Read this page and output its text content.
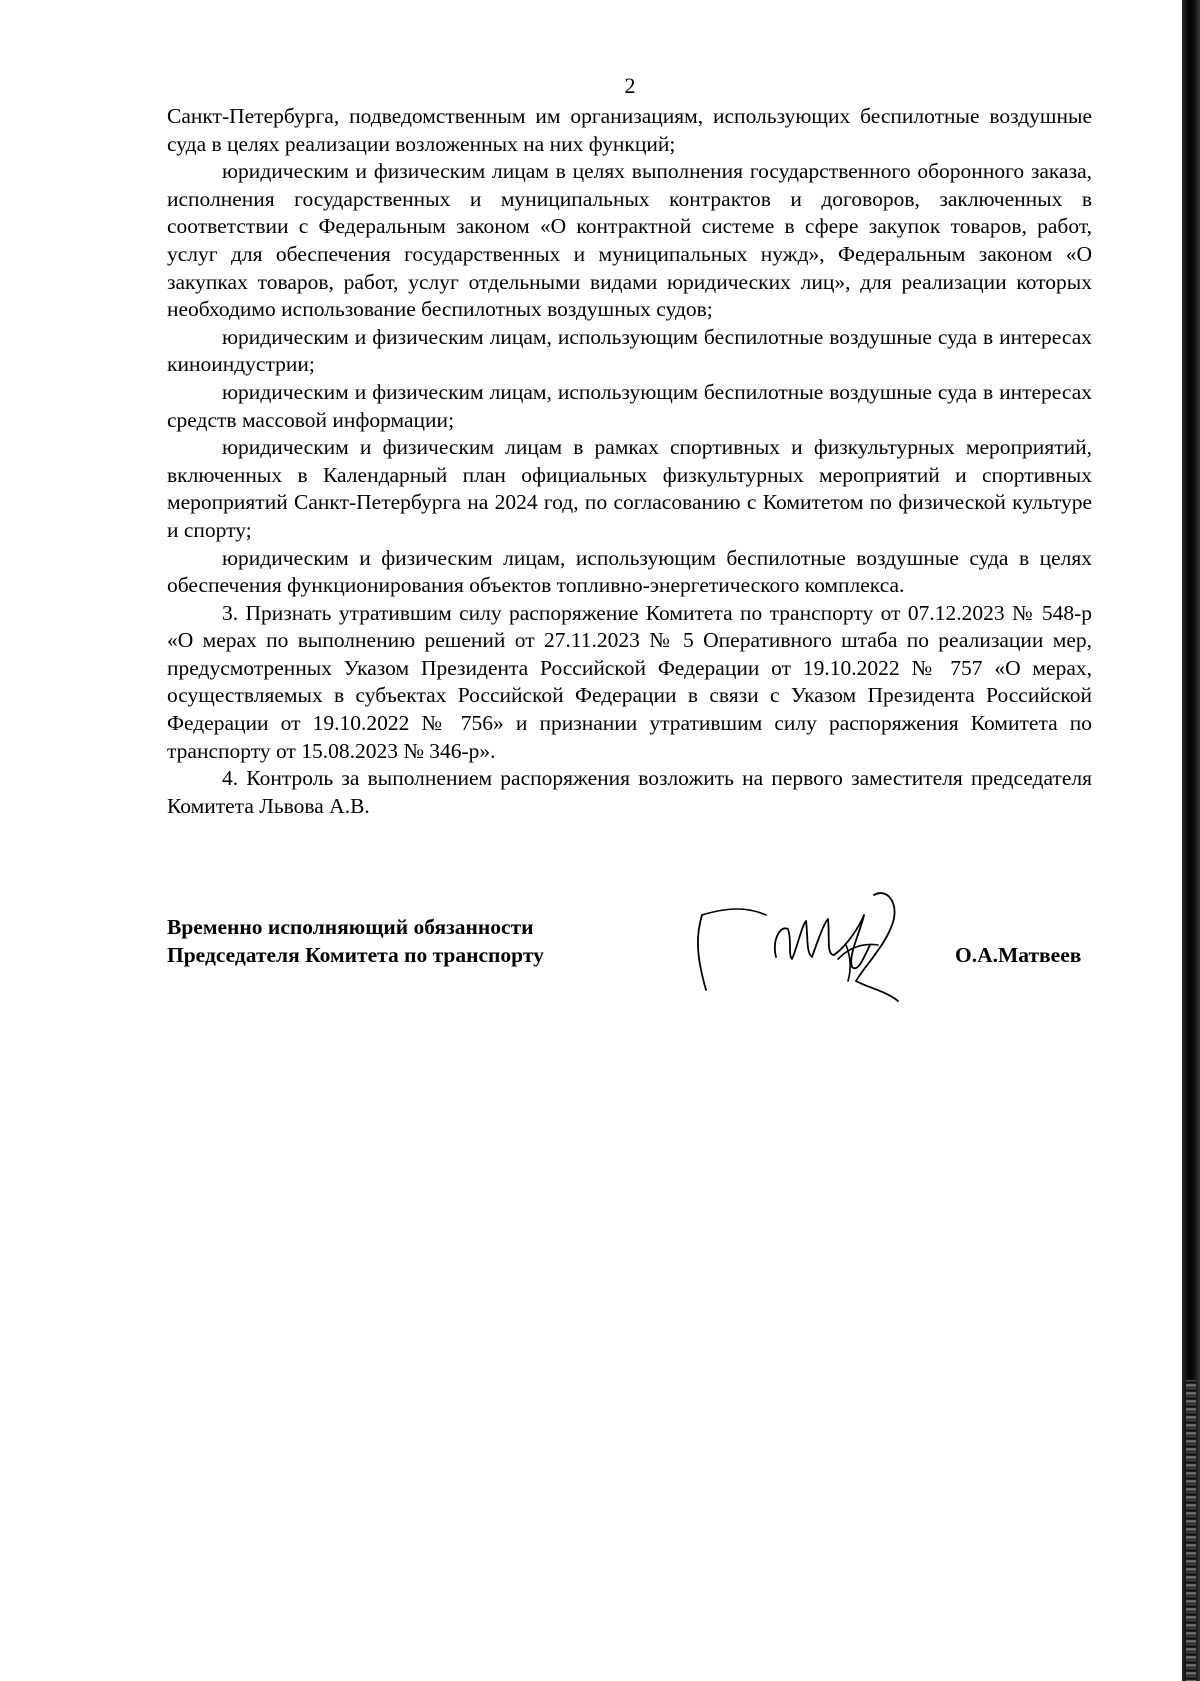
2

Санкт-Петербурга, подведомственным им организациям, использующих беспилотные воздушные суда в целях реализации возложенных на них функций;

юридическим и физическим лицам в целях выполнения государственного оборонного заказа, исполнения государственных и муниципальных контрактов и договоров, заключенных в соответствии с Федеральным законом «О контрактной системе в сфере закупок товаров, работ, услуг для обеспечения государственных и муниципальных нужд», Федеральным законом «О закупках товаров, работ, услуг отдельными видами юридических лиц», для реализации которых необходимо использование беспилотных воздушных судов;

юридическим и физическим лицам, использующим беспилотные воздушные суда в интересах киноиндустрии;

юридическим и физическим лицам, использующим беспилотные воздушные суда в интересах средств массовой информации;

юридическим и физическим лицам в рамках спортивных и физкультурных мероприятий, включенных в Календарный план официальных физкультурных мероприятий и спортивных мероприятий Санкт-Петербурга на 2024 год, по согласованию с Комитетом по физической культуре и спорту;

юридическим и физическим лицам, использующим беспилотные воздушные суда в целях обеспечения функционирования объектов топливно-энергетического комплекса.

3. Признать утратившим силу распоряжение Комитета по транспорту от 07.12.2023 № 548-р «О мерах по выполнению решений от 27.11.2023 № 5 Оперативного штаба по реализации мер, предусмотренных Указом Президента Российской Федерации от 19.10.2022 № 757 «О мерах, осуществляемых в субъектах Российской Федерации в связи с Указом Президента Российской Федерации от 19.10.2022 № 756» и признании утратившим силу распоряжения Комитета по транспорту от 15.08.2023 № 346-р».

4. Контроль за выполнением распоряжения возложить на первого заместителя председателя Комитета Львова А.В.

Временно исполняющий обязанности
Председателя Комитета по транспорту	О.А.Матвеев
